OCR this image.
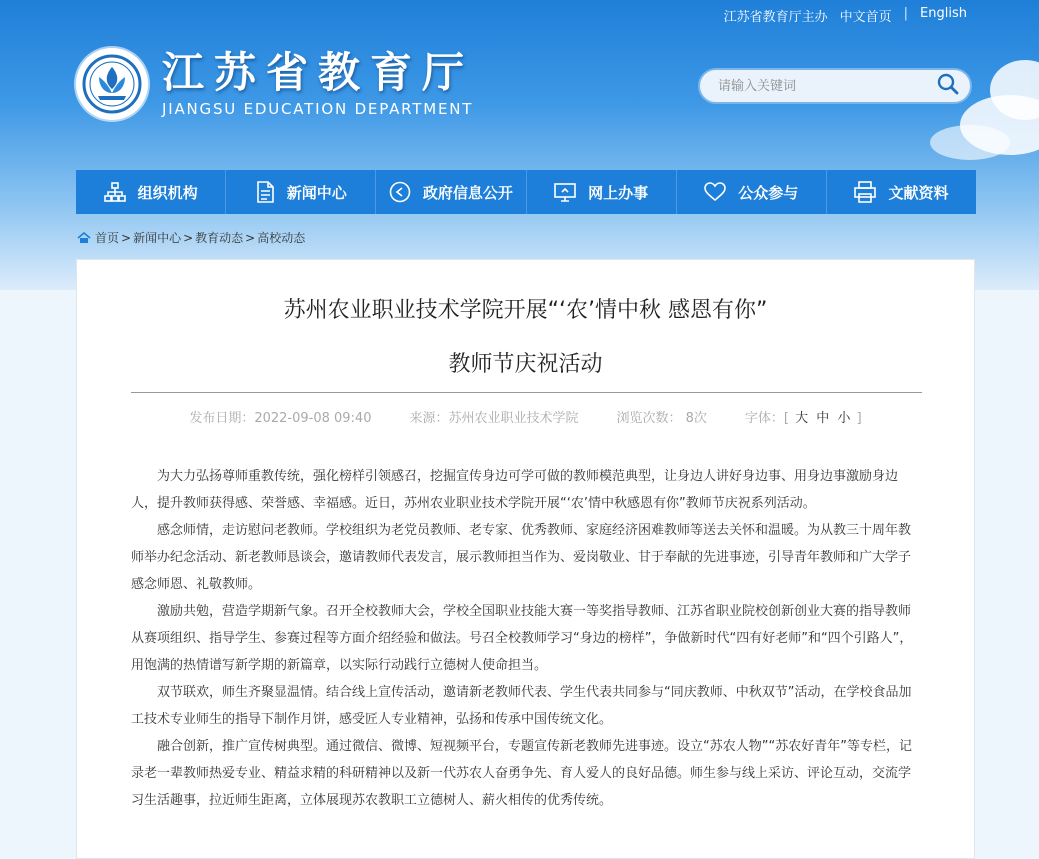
江苏省教育厅主办 中文首页 | English
江苏省教育厅
JIANGSU EDUCATION DEPARTMENT
请输入关键词
组织机构	新闻中心	政府信息公开	网上办事	公众参与	文献资料
首页 > 新闻中心 > 教育动态 > 高校动态
苏州农业职业技术学院开展“‘农’情中秋 感恩有你”
教师节庆祝活动
发布日期：2022-09-08 09:40	来源：苏州农业职业技术学院	浏览次数： 8次	字体：[ 大 中 小 ]

为大力弘扬尊师重教传统，强化榜样引领感召，挖掘宣传身边可学可做的教师模范典型，让身边人讲好身边事、用身边事激励身边人，提升教师获得感、荣誉感、幸福感。近日，苏州农业职业技术学院开展“‘农’情中秋感恩有你”教师节庆祝系列活动。

感念师情，走访慰问老教师。学校组织为老党员教师、老专家、优秀教师、家庭经济困难教师等送去关怀和温暖。为从教三十周年教师举办纪念活动、新老教师恳谈会，邀请教师代表发言，展示教师担当作为、爱岗敬业、甘于奉献的先进事迹，引导青年教师和广大学子感念师恩、礼敬教师。

激励共勉，营造学期新气象。召开全校教师大会，学校全国职业技能大赛一等奖指导教师、江苏省职业院校创新创业大赛的指导教师从赛项组织、指导学生、参赛过程等方面介绍经验和做法。号召全校教师学习“身边的榜样”，争做新时代“四有好老师”和“四个引路人”，用饱满的热情谱写新学期的新篇章，以实际行动践行立德树人使命担当。

双节联欢，师生齐聚显温情。结合线上宣传活动，邀请新老教师代表、学生代表共同参与“同庆教师、中秋双节”活动，在学校食品加工技术专业师生的指导下制作月饼，感受匠人专业精神，弘扬和传承中国传统文化。

融合创新，推广宣传树典型。通过微信、微博、短视频平台，专题宣传新老教师先进事迹。设立“苏农人物”“苏农好青年”等专栏，记录老一辈教师热爱专业、精益求精的科研精神以及新一代苏农人奋勇争先、育人爱人的良好品德。师生参与线上采访、评论互动，交流学习生活趣事，拉近师生距离，立体展现苏农教职工立德树人、薪火相传的优秀传统。
